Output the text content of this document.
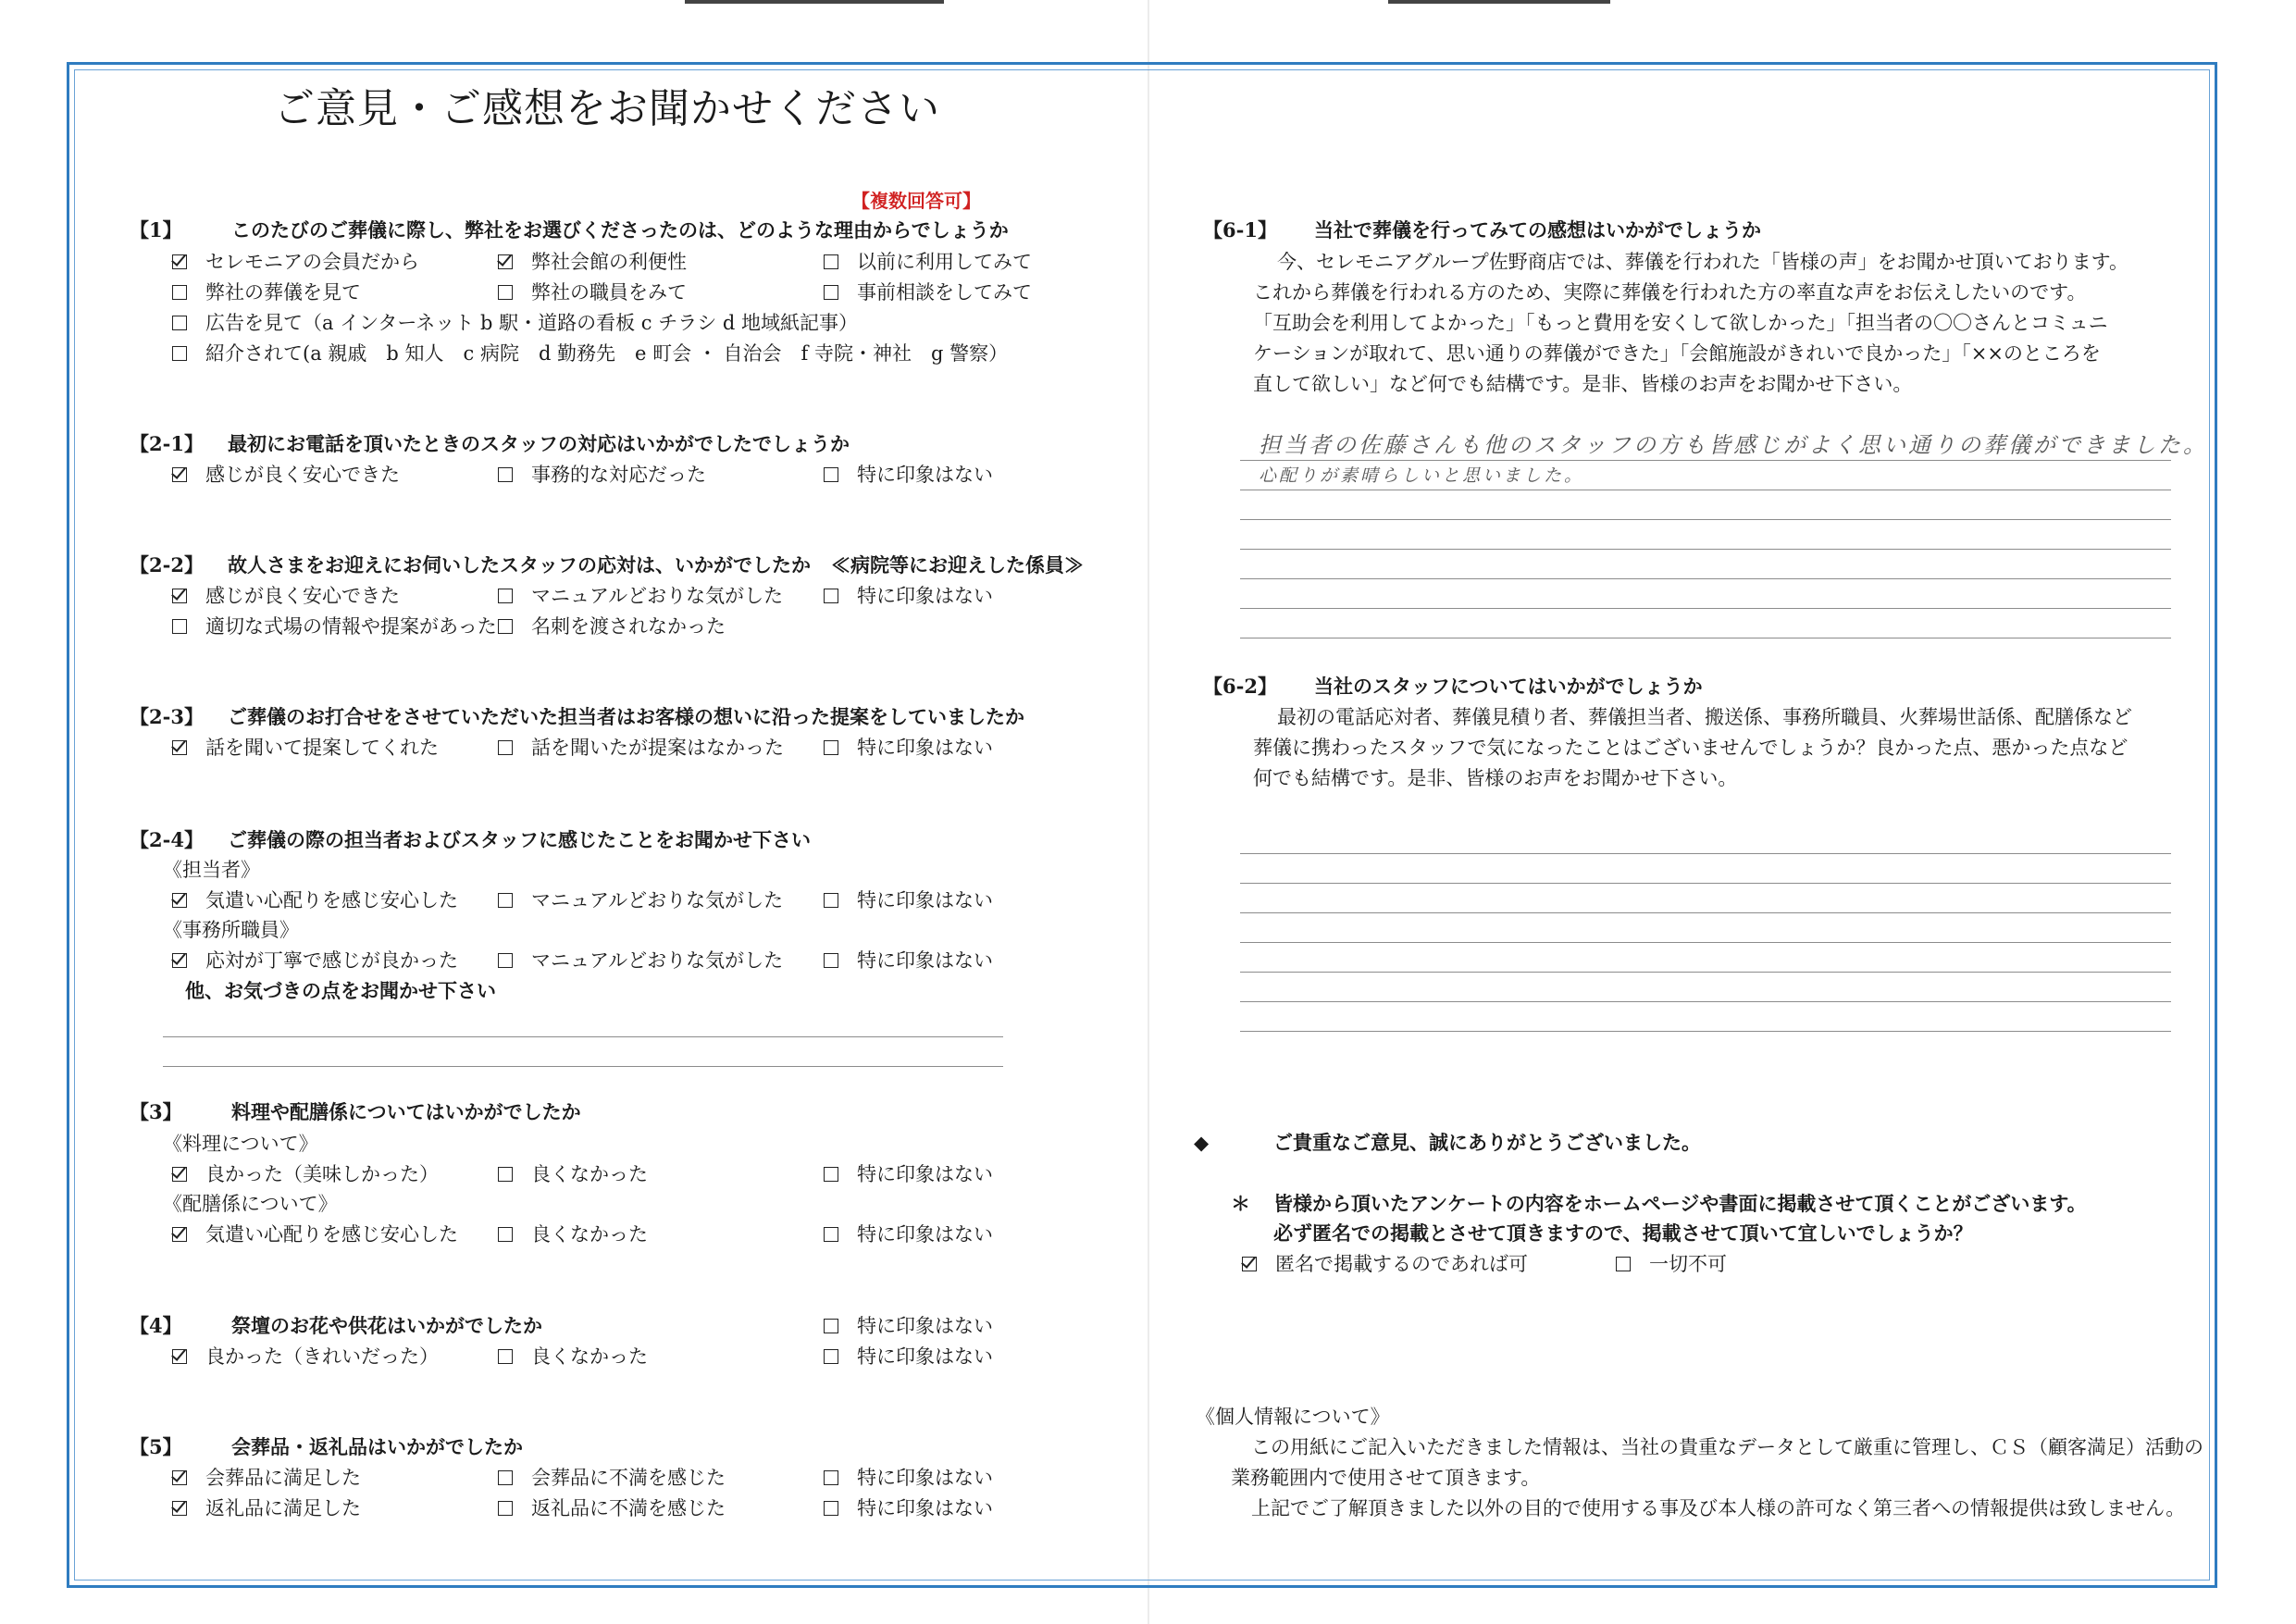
ご意見・ご感想をお聞かせください
【複数回答可】
【1】	このたびのご葬儀に際し、弊社をお選びくださったのは、どのような理由からでしょうか
セレモニアの会員だから	弊社会館の利便性	以前に利用してみて
弊社の葬儀を見て	弊社の職員をみて	事前相談をしてみて
広告を見て（a インターネット b 駅・道路の看板 c チラシ d 地域紙記事）
紹介されて(a 親戚　b 知人　c 病院　d 勤務先　e 町会 ・ 自治会　f 寺院・神社　g 警察）
【2-1】 最初にお電話を頂いたときのスタッフの対応はいかがでしたでしょうか
感じが良く安心できた	事務的な対応だった	特に印象はない
【2-2】 故人さまをお迎えにお伺いしたスタッフの応対は、いかがでしたか ≪病院等にお迎えした係員≫
感じが良く安心できた	マニュアルどおりな気がした	特に印象はない
適切な式場の情報や提案があった 名刺を渡されなかった
【2-3】 ご葬儀のお打合せをさせていただいた担当者はお客様の想いに沿った提案をしていましたか
話を聞いて提案してくれた	話を聞いたが提案はなかった	特に印象はない
【2-4】 ご葬儀の際の担当者およびスタッフに感じたことをお聞かせ下さい
《担当者》
気遣い心配りを感じ安心した	マニュアルどおりな気がした	特に印象はない
《事務所職員》
応対が丁寧で感じが良かった	マニュアルどおりな気がした	特に印象はない
他、お気づきの点をお聞かせ下さい
【3】	料理や配膳係についてはいかがでしたか
《料理について》
良かった（美味しかった）	良くなかった	特に印象はない
《配膳係について》
気遣い心配りを感じ安心した	良くなかった	特に印象はない
【4】	祭壇のお花や供花はいかがでしたか	特に印象はない
良かった（きれいだった）	良くなかった	特に印象はない
【5】	会葬品・返礼品はいかがでしたか
会葬品に満足した	会葬品に不満を感じた	特に印象はない
返礼品に満足した	返礼品に不満を感じた	特に印象はない
【6-1】 当社で葬儀を行ってみての感想はいかがでしょうか
今、セレモニアグループ佐野商店では、葬儀を行われた「皆様の声」をお聞かせ頂いております。
これから葬儀を行われる方のため、実際に葬儀を行われた方の率直な声をお伝えしたいのです。
「互助会を利用してよかった」「もっと費用を安くして欲しかった」「担当者の〇〇さんとコミュニ
ケーションが取れて、思い通りの葬儀ができた」「会館施設がきれいで良かった」「××のところを
直して欲しい」など何でも結構です。是非、皆様のお声をお聞かせ下さい。
担当者の佐藤さんも他のスタッフの方も皆感じがよく思い通りの葬儀ができました。
心配りが素晴らしいと思いました。
【6-2】 当社のスタッフについてはいかがでしょうか
最初の電話応対者、葬儀見積り者、葬儀担当者、搬送係、事務所職員、火葬場世話係、配膳係など
葬儀に携わったスタッフで気になったことはございませんでしょうか？良かった点、悪かった点など
何でも結構です。是非、皆様のお声をお聞かせ下さい。
◆	ご貴重なご意見、誠にありがとうございました。
＊ 皆様から頂いたアンケートの内容をホームページや書面に掲載させて頂くことがございます。
必ず匿名での掲載とさせて頂きますので、掲載させて頂いて宜しいでしょうか？
匿名で掲載するのであれば可	一切不可
《個人情報について》
この用紙にご記入いただきました情報は、当社の貴重なデータとして厳重に管理し、ＣＳ（顧客満足）活動の
業務範囲内で使用させて頂きます。
上記でご了解頂きました以外の目的で使用する事及び本人様の許可なく第三者への情報提供は致しません。
